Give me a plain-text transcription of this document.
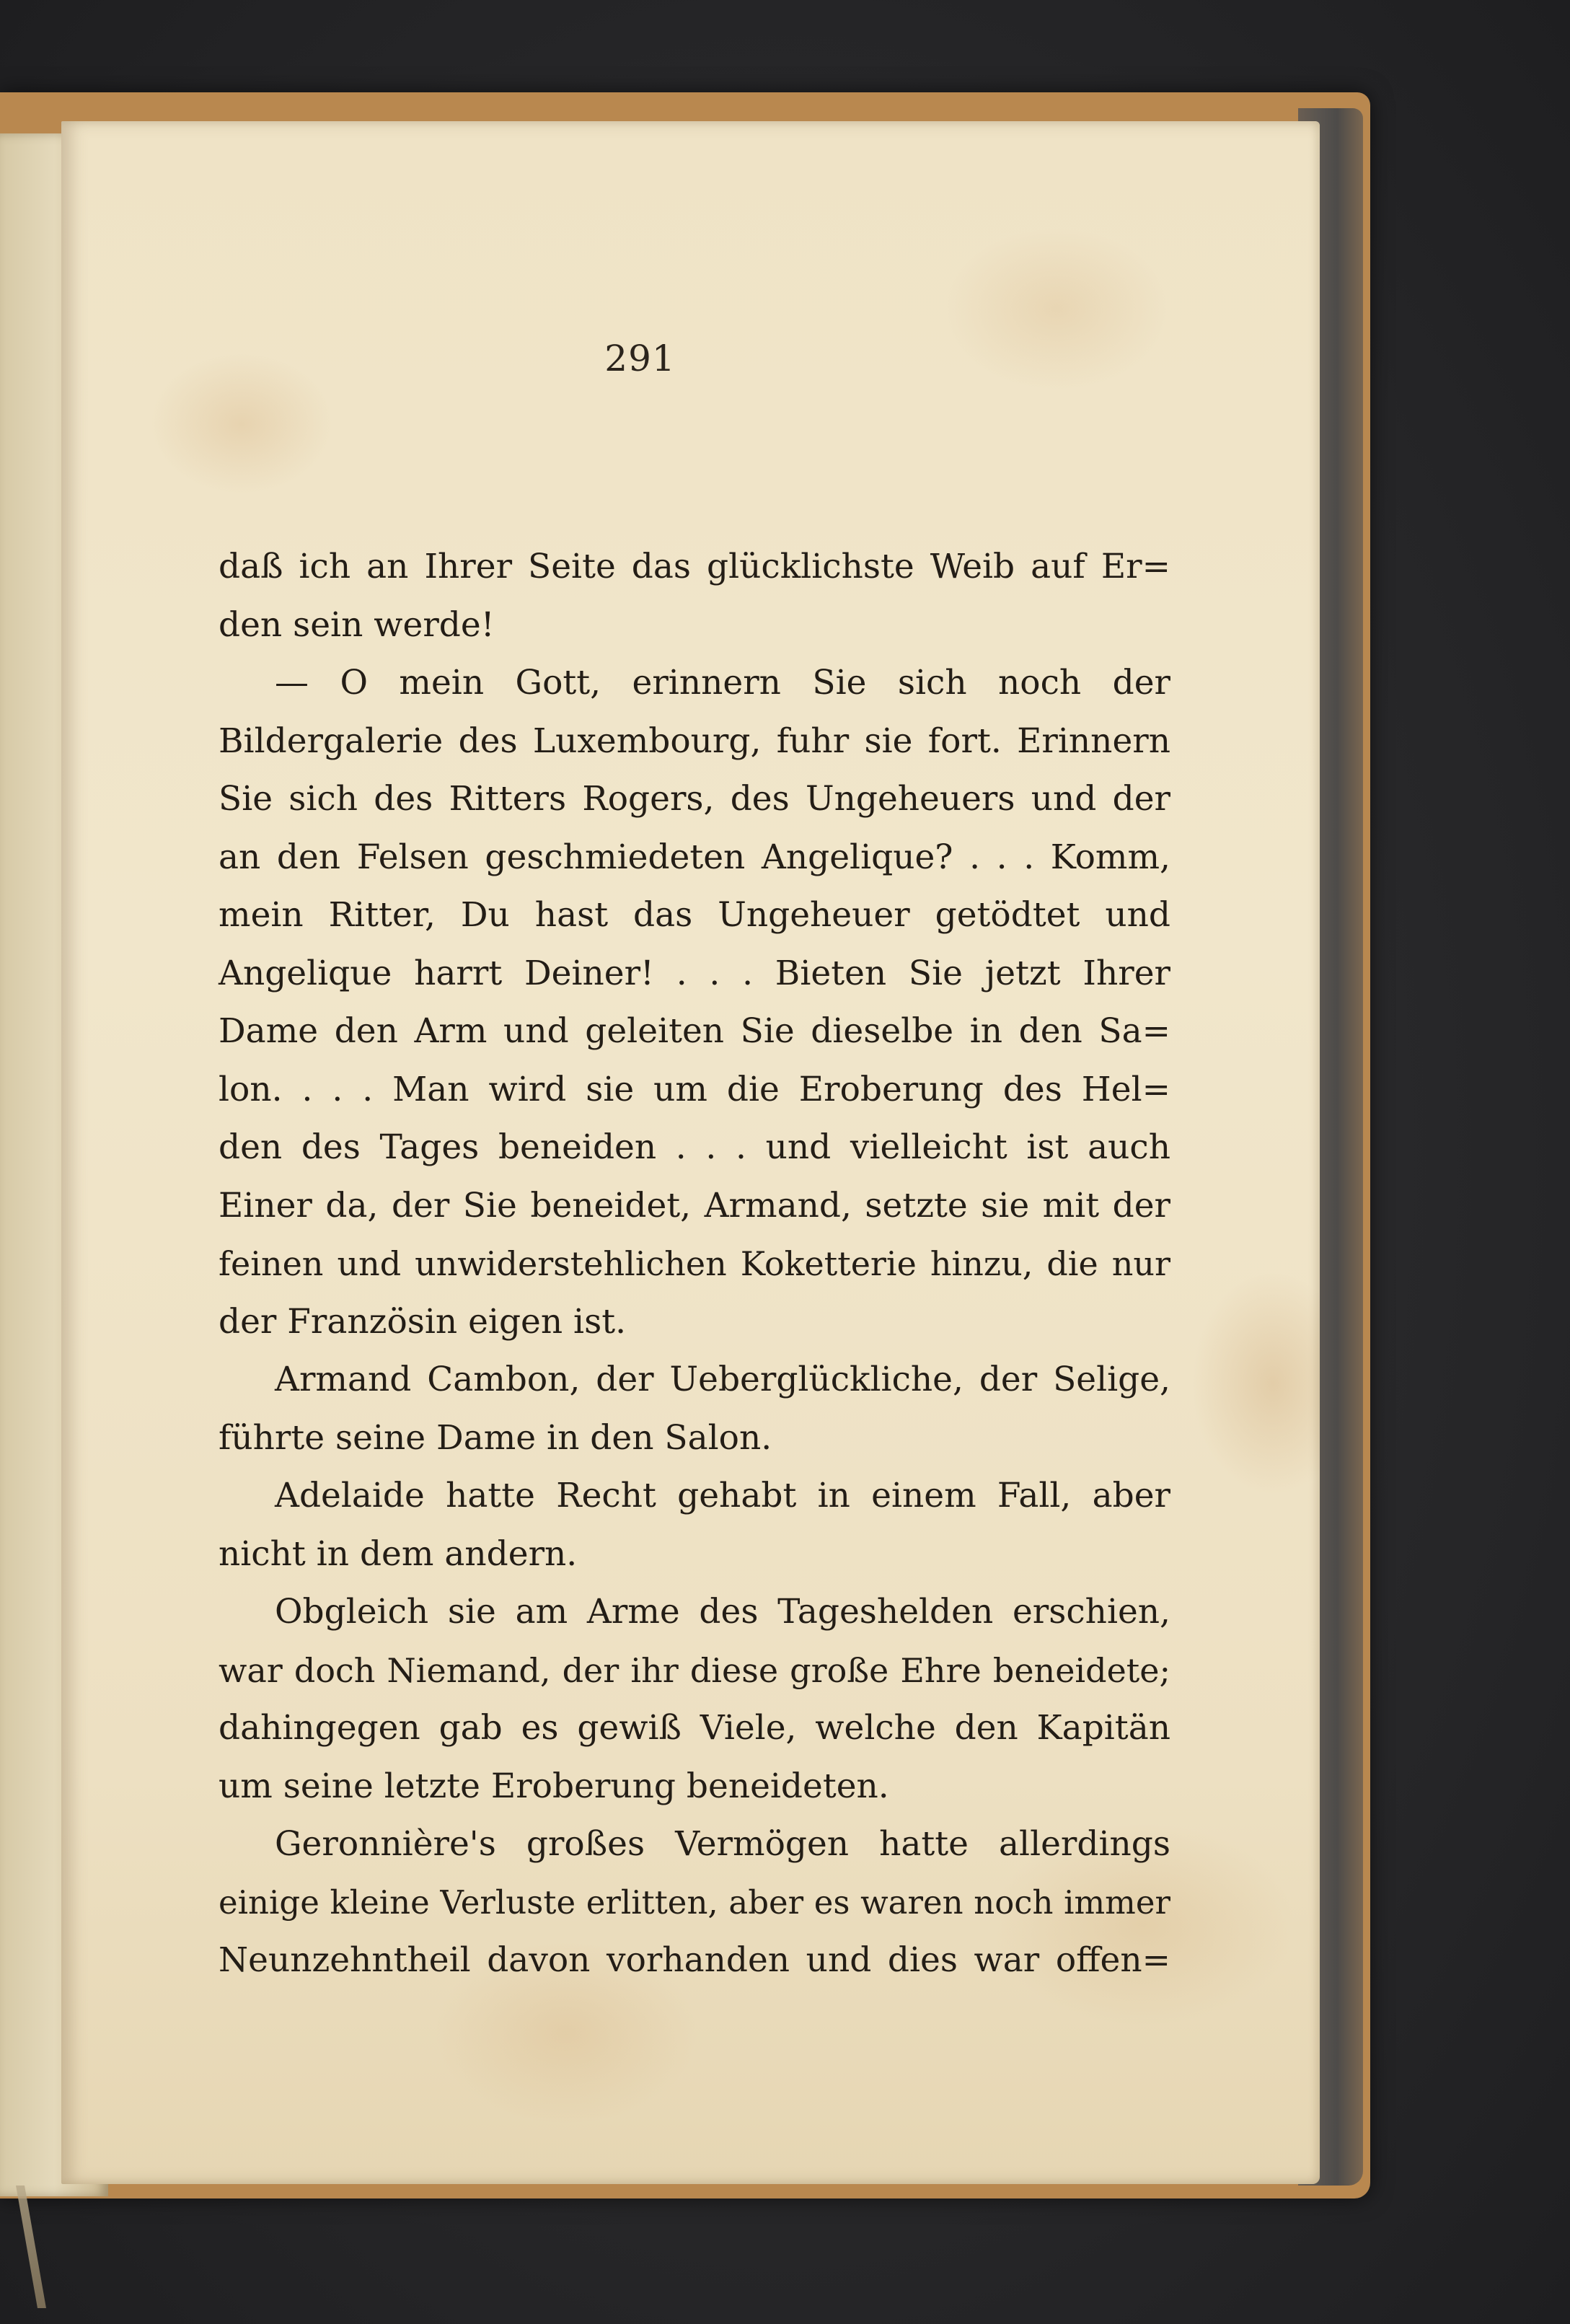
291
daß ich an Ihrer Seite das glücklichste Weib auf Er=
den sein werde!
— O mein Gott, erinnern Sie sich noch der
Bildergalerie des Luxembourg, fuhr sie fort. Erinnern
Sie sich des Ritters Rogers, des Ungeheuers und der
an den Felsen geschmiedeten Angelique? . . . Komm,
mein Ritter, Du hast das Ungeheuer getödtet und
Angelique harrt Deiner! . . . Bieten Sie jetzt Ihrer
Dame den Arm und geleiten Sie dieselbe in den Sa=
lon. . . . Man wird sie um die Eroberung des Hel=
den des Tages beneiden . . . und vielleicht ist auch
Einer da, der Sie beneidet, Armand, setzte sie mit der
feinen und unwiderstehlichen Koketterie hinzu, die nur
der Französin eigen ist.
Armand Cambon, der Ueberglückliche, der Selige,
führte seine Dame in den Salon.
Adelaide hatte Recht gehabt in einem Fall, aber
nicht in dem andern.
Obgleich sie am Arme des Tageshelden erschien,
war doch Niemand, der ihr diese große Ehre beneidete;
dahingegen gab es gewiß Viele, welche den Kapitän
um seine letzte Eroberung beneideten.
Geronnière's großes Vermögen hatte allerdings
einige kleine Verluste erlitten, aber es waren noch immer
Neunzehntheil davon vorhanden und dies war offen=
